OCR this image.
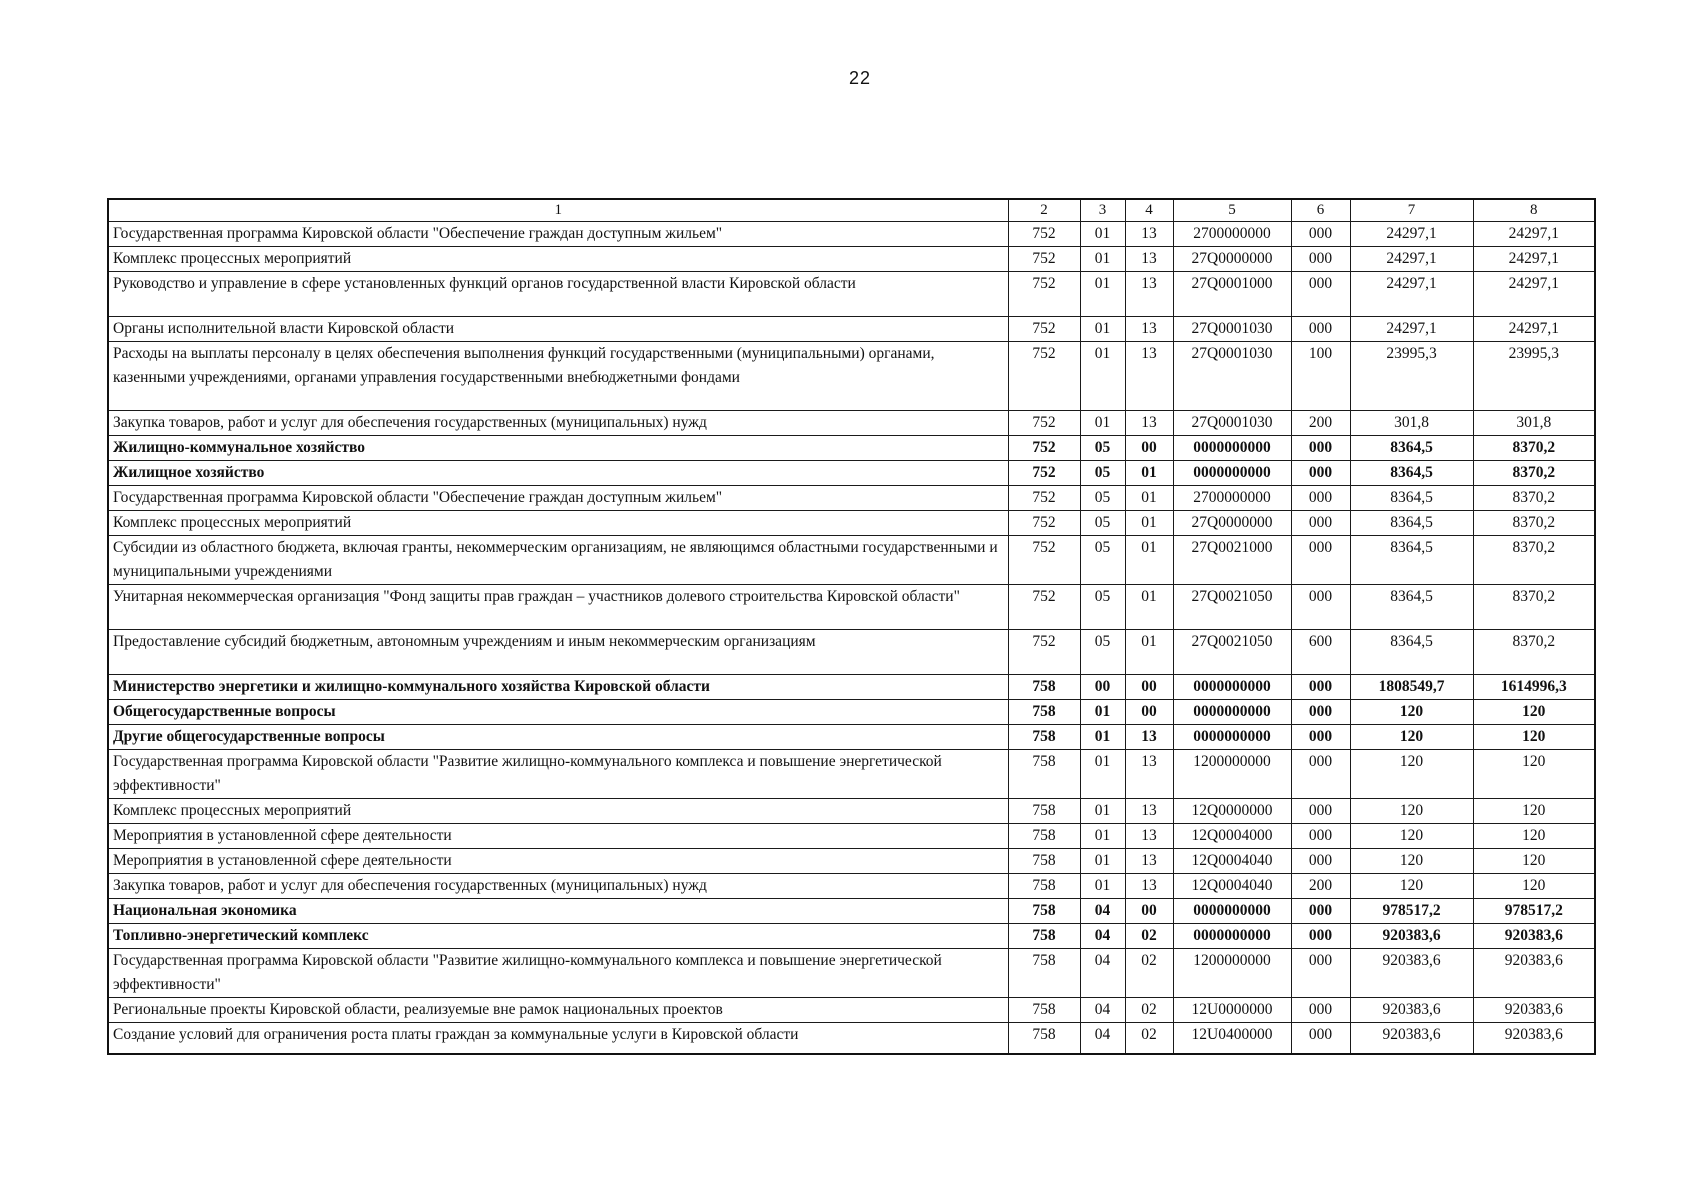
22
1	2	3	4	5	6	7	8
Государственная программа Кировской области "Обеспечение граждан доступным жильем"	752	01	13	2700000000	000	24297,1	24297,1
Комплекс процессных мероприятий	752	01	13	27Q0000000	000	24297,1	24297,1
Руководство и управление в сфере установленных функций органов государственной власти Кировской области	752	01	13	27Q0001000	000	24297,1	24297,1
Органы исполнительной власти Кировской области	752	01	13	27Q0001030	000	24297,1	24297,1
Расходы на выплаты персоналу в целях обеспечения выполнения функций государственными (муниципальными) органами, казенными учреждениями, органами управления государственными внебюджетными фондами	752	01	13	27Q0001030	100	23995,3	23995,3
Закупка товаров, работ и услуг для обеспечения государственных (муниципальных) нужд	752	01	13	27Q0001030	200	301,8	301,8
Жилищно-коммунальное хозяйство	752	05	00	0000000000	000	8364,5	8370,2
Жилищное хозяйство	752	05	01	0000000000	000	8364,5	8370,2
Государственная программа Кировской области "Обеспечение граждан доступным жильем"	752	05	01	2700000000	000	8364,5	8370,2
Комплекс процессных мероприятий	752	05	01	27Q0000000	000	8364,5	8370,2
Субсидии из областного бюджета, включая гранты, некоммерческим организациям, не являющимся областными государственными и муниципальными учреждениями	752	05	01	27Q0021000	000	8364,5	8370,2
Унитарная некоммерческая организация "Фонд защиты прав граждан – участников долевого строительства Кировской области"	752	05	01	27Q0021050	000	8364,5	8370,2
Предоставление субсидий бюджетным, автономным учреждениям и иным некоммерческим организациям	752	05	01	27Q0021050	600	8364,5	8370,2
Министерство энергетики и жилищно-коммунального хозяйства Кировской области	758	00	00	0000000000	000	1808549,7	1614996,3
Общегосударственные вопросы	758	01	00	0000000000	000	120	120
Другие общегосударственные вопросы	758	01	13	0000000000	000	120	120
Государственная программа Кировской области "Развитие жилищно-коммунального комплекса и повышение энергетической эффективности"	758	01	13	1200000000	000	120	120
Комплекс процессных мероприятий	758	01	13	12Q0000000	000	120	120
Мероприятия в установленной сфере деятельности	758	01	13	12Q0004000	000	120	120
Мероприятия в установленной сфере деятельности	758	01	13	12Q0004040	000	120	120
Закупка товаров, работ и услуг для обеспечения государственных (муниципальных) нужд	758	01	13	12Q0004040	200	120	120
Национальная экономика	758	04	00	0000000000	000	978517,2	978517,2
Топливно-энергетический комплекс	758	04	02	0000000000	000	920383,6	920383,6
Государственная программа Кировской области "Развитие жилищно-коммунального комплекса и повышение энергетической эффективности"	758	04	02	1200000000	000	920383,6	920383,6
Региональные проекты Кировской области, реализуемые вне рамок национальных проектов	758	04	02	12U0000000	000	920383,6	920383,6
Создание условий для ограничения роста платы граждан за коммунальные услуги в Кировской области	758	04	02	12U0400000	000	920383,6	920383,6
